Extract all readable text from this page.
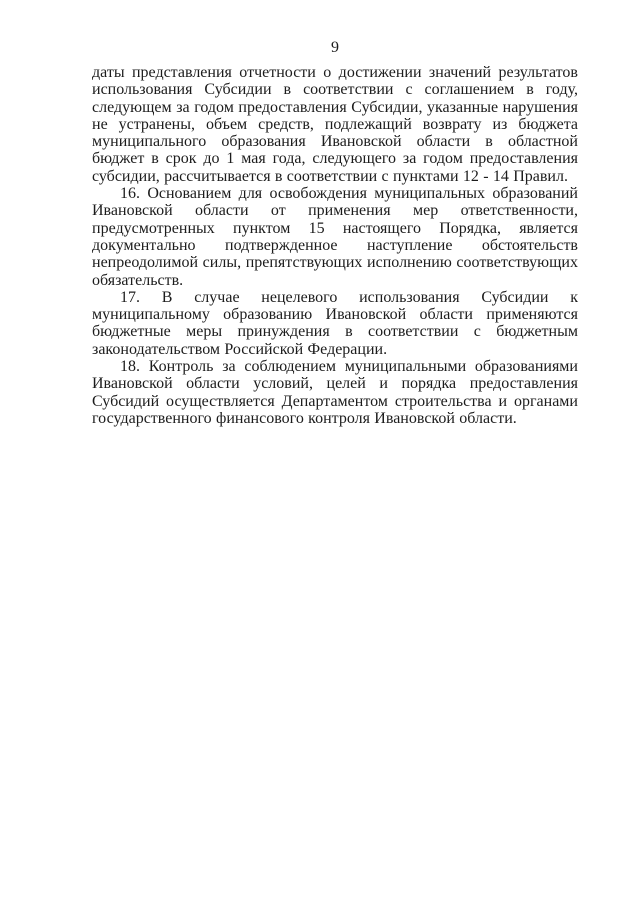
9

даты представления отчетности о достижении значений результатов использования Субсидии в соответствии с соглашением в году, следующем за годом предоставления Субсидии, указанные нарушения не устранены, объем средств, подлежащий возврату из бюджета муниципального образования Ивановской области в областной бюджет в срок до 1 мая года, следующего за годом предоставления субсидии, рассчитывается в соответствии с пунктами 12 - 14 Правил.

16. Основанием для освобождения муниципальных образований Ивановской области от применения мер ответственности, предусмотренных пунктом 15 настоящего Порядка, является документально подтвержденное наступление обстоятельств непреодолимой силы, препятствующих исполнению соответствующих обязательств.

17. В случае нецелевого использования Субсидии к муниципальному образованию Ивановской области применяются бюджетные меры принуждения в соответствии с бюджетным законодательством Российской Федерации.

18. Контроль за соблюдением муниципальными образованиями Ивановской области условий, целей и порядка предоставления Субсидий осуществляется Департаментом строительства и органами государственного финансового контроля Ивановской области.
